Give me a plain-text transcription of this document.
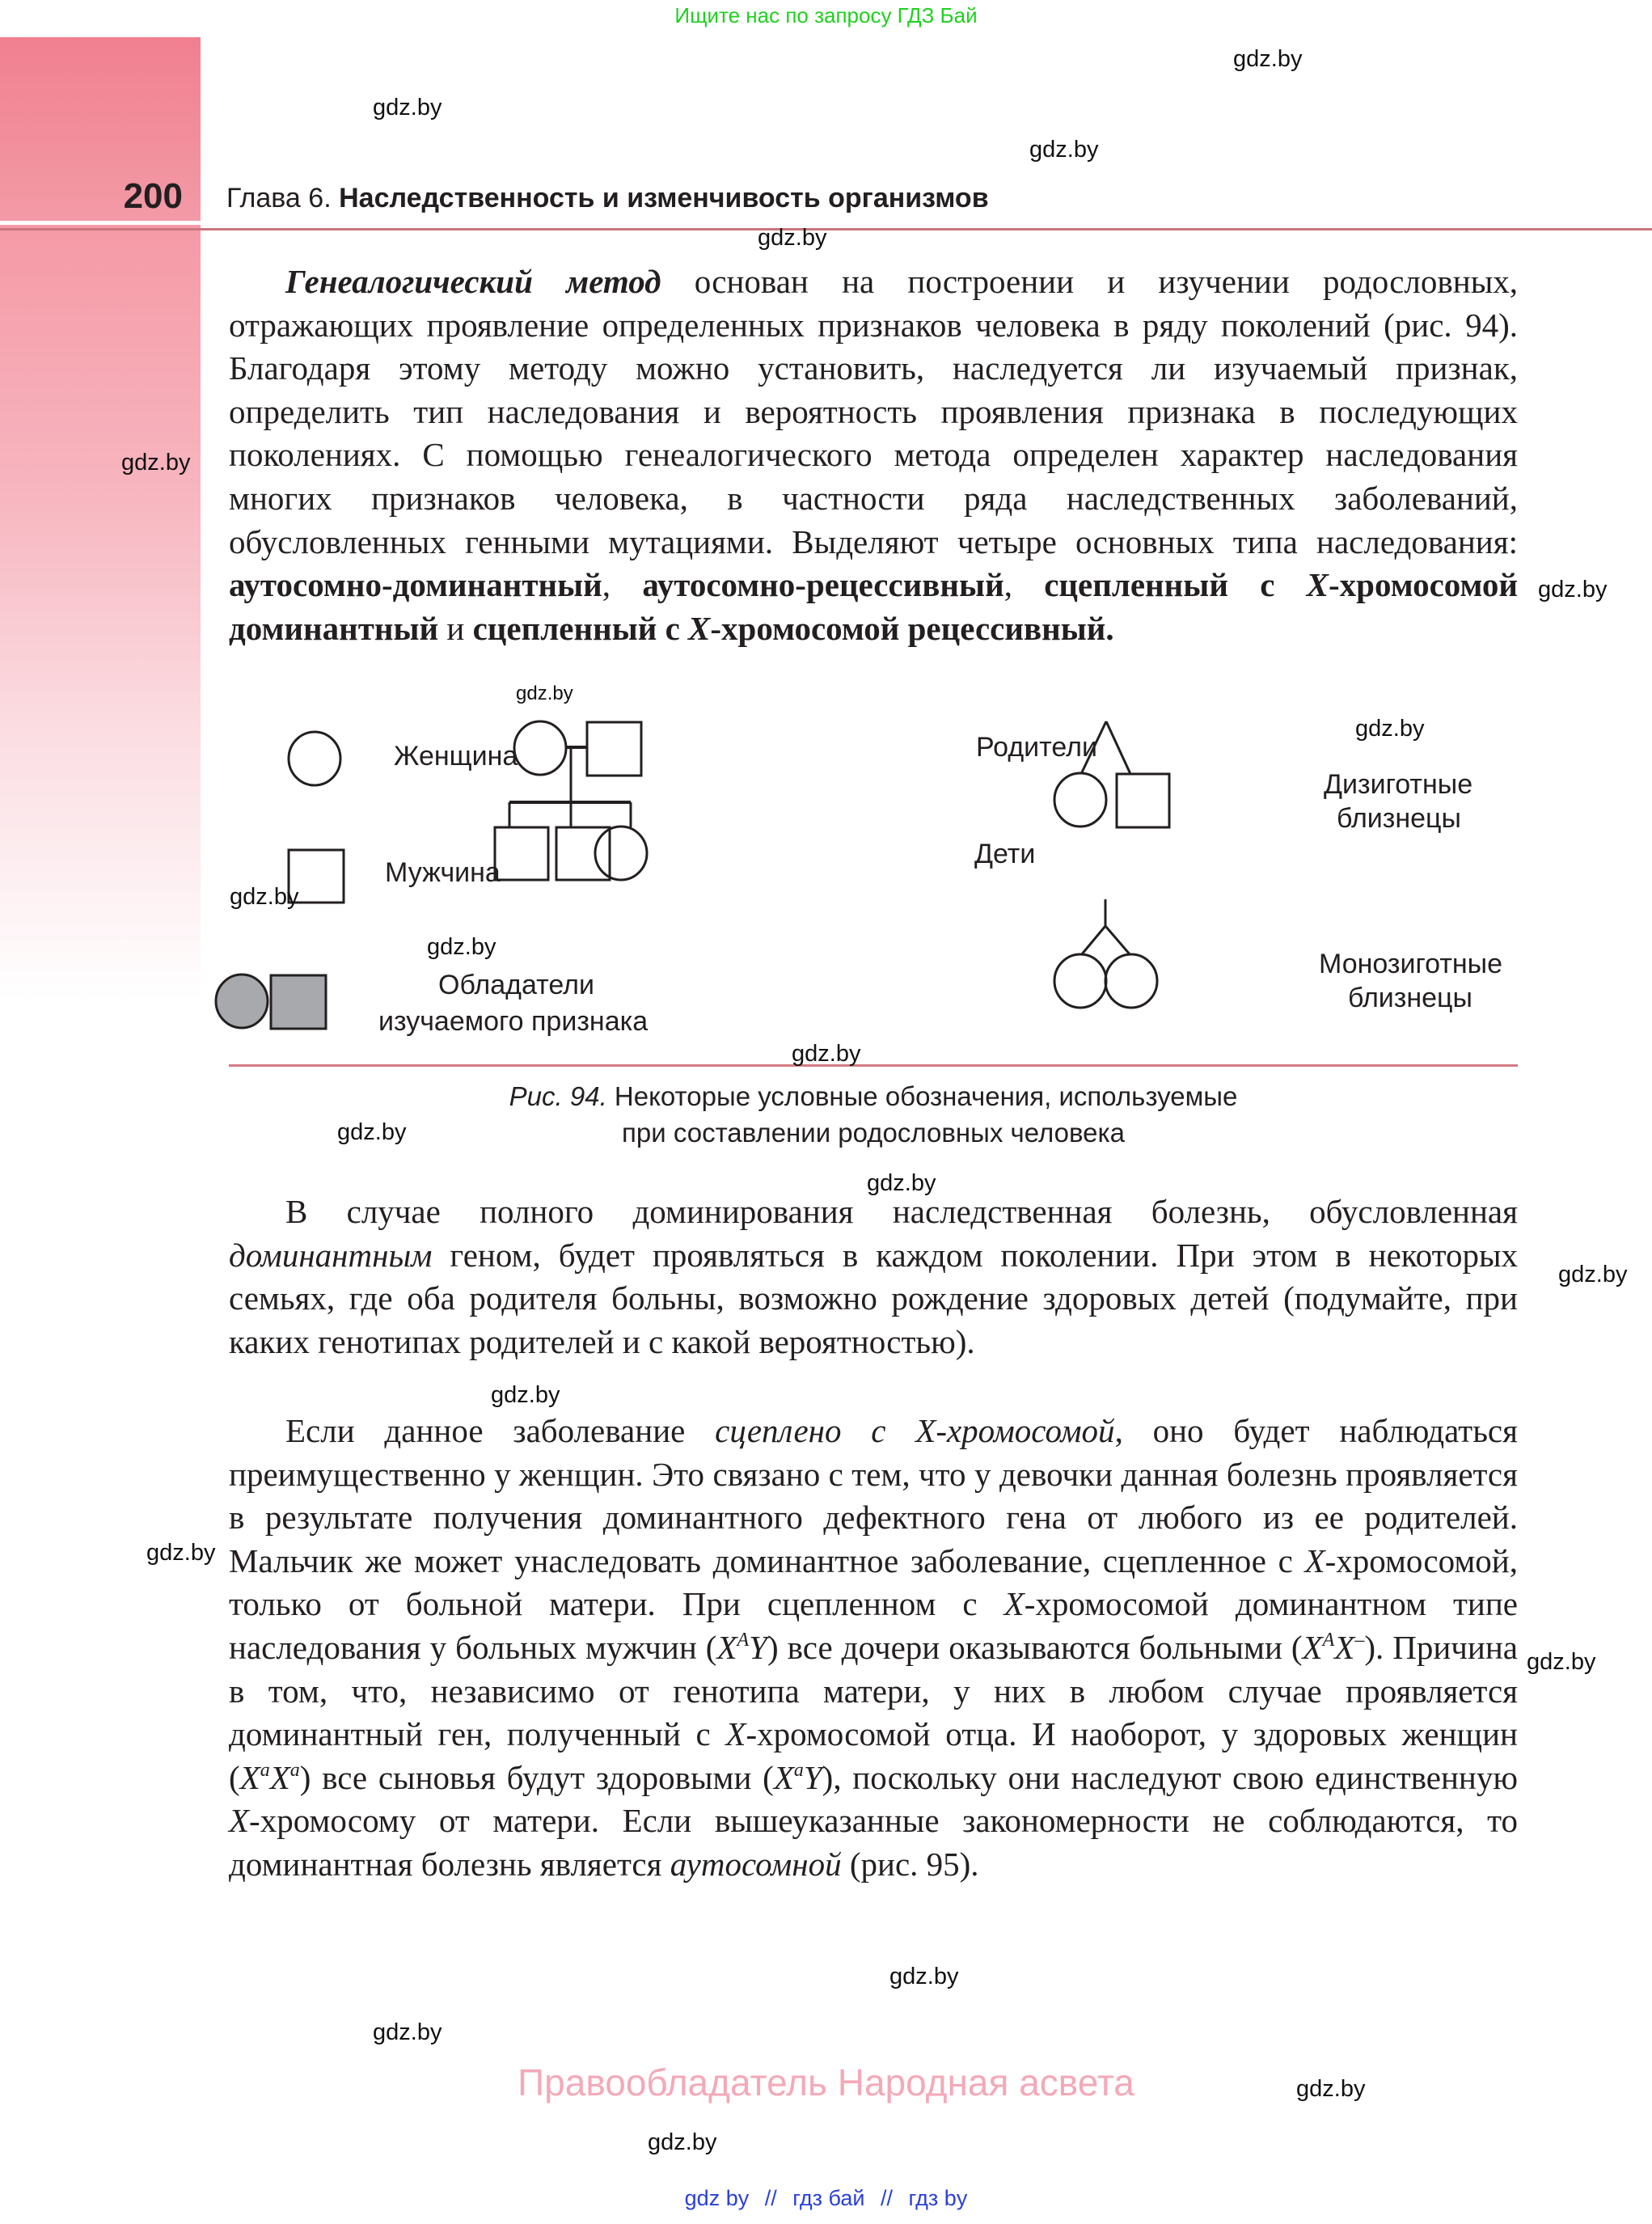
Ищите нас по запросу ГДЗ Бай
200 Глава 6. Наследственность и изменчивость организмов
Генеалогический метод основан на построении и изучении родословных, отражающих проявление определенных признаков человека в ряду поколений (рис. 94). Благодаря этому методу можно установить, наследуется ли изучаемый признак, определить тип наследования и вероятность проявления признака в последующих поколениях. С помощью генеалогического метода определен характер наследования многих признаков человека, в частности ряда наследственных заболеваний, обусловленных генными мутациями. Выделяют четыре основных типа наследования: аутосомно-доминантный, аутосомно-рецессивный, сцепленный с X-хромосомой доминантный и сцепленный с X-хромосомой рецессивный.
Женщина
Мужчина
Обладатели
изучаемого признака
Родители
Дети
Дизиготные
близнецы
Монозиготные
близнецы
Рис. 94. Некоторые условные обозначения, используемые
при составлении родословных человека
В случае полного доминирования наследственная болезнь, обусловленная доминантным геном, будет проявляться в каждом поколении. При этом в некоторых семьях, где оба родителя больны, возможно рождение здоровых детей (подумайте, при каких генотипах родителей и с какой вероятностью).
Если данное заболевание сцеплено с X-хромосомой, оно будет наблюдаться преимущественно у женщин. Это связано с тем, что у девочки данная болезнь проявляется в результате получения доминантного дефектного гена от любого из ее родителей. Мальчик же может унаследовать доминантное заболевание, сцепленное с X-хромосомой, только от больной матери. При сцепленном с X-хромосомой доминантном типе наследования у больных мужчин $(X^AY)$ все дочери оказываются больными $(X^AX^-)$. Причина в том, что, независимо от генотипа матери, у них в любом случае проявляется доминантный ген, полученный с X-хромосомой отца. И наоборот, у здоровых женщин $(X^aX^a)$ все сыновья будут здоровыми $(X^aY)$, поскольку они наследуют свою единственную X-хромосому от матери. Если вышеуказанные закономерности не соблюдаются, то доминантная болезнь является аутосомной (рис. 95).
gdz.by
gdz.by
gdz.by
gdz.by
gdz.by
gdz.by
gdz.by
gdz.by
gdz.by
gdz.by
gdz.by
gdz.by
gdz.by
gdz.by
gdz.by
gdz.by
gdz.by
gdz.by
gdz.by
gdz.by
gdz.by
Правообладатель Народная асвета
gdz by // гдз бай // гдз by
